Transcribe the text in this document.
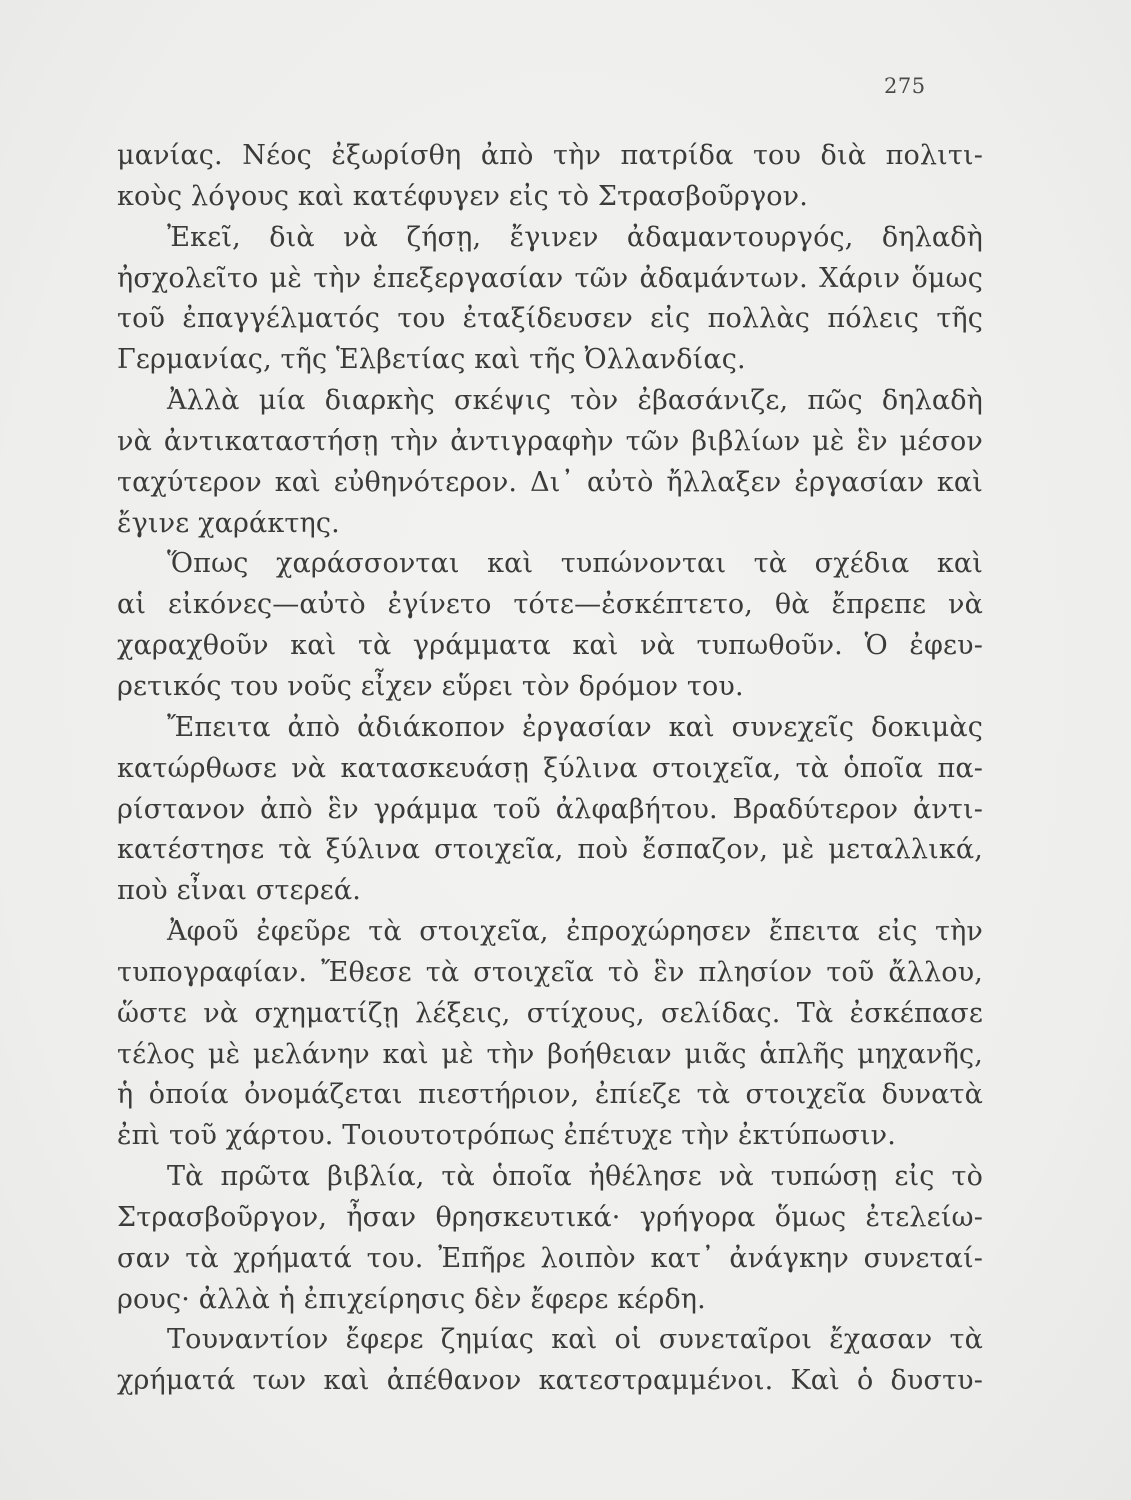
275
μανίας. Νέος ἐξωρίσθη ἀπὸ τὴν πατρίδα του διὰ πολιτι-
κοὺς λόγους καὶ κατέφυγεν εἰς τὸ Στρασβοῦργον.
Ἐκεῖ, διὰ νὰ ζήσῃ, ἔγινεν ἀδαμαντουργός, δηλαδὴ
ἠσχολεῖτο μὲ τὴν ἐπεξεργασίαν τῶν ἀδαμάντων. Χάριν ὅμως
τοῦ ἐπαγγέλματός του ἐταξίδευσεν εἰς πολλὰς πόλεις τῆς
Γερμανίας, τῆς Ἑλβετίας καὶ τῆς Ὀλλανδίας.
Ἀλλὰ μία διαρκὴς σκέψις τὸν ἐβασάνιζε, πῶς δηλαδὴ
νὰ ἀντικαταστήσῃ τὴν ἀντιγραφὴν τῶν βιβλίων μὲ ἓν μέσον
ταχύτερον καὶ εὐθηνότερον. Δι᾿ αὐτὸ ἤλλαξεν ἐργασίαν καὶ
ἔγινε χαράκτης.
Ὅπως χαράσσονται καὶ τυπώνονται τὰ σχέδια καὶ
αἱ εἰκόνες—αὐτὸ ἐγίνετο τότε—ἐσκέπτετο, θὰ ἔπρεπε νὰ
χαραχθοῦν καὶ τὰ γράμματα καὶ νὰ τυπωθοῦν. Ὁ ἐφευ-
ρετικός του νοῦς εἶχεν εὕρει τὸν δρόμον του.
Ἔπειτα ἀπὸ ἀδιάκοπον ἐργασίαν καὶ συνεχεῖς δοκιμὰς
κατώρθωσε νὰ κατασκευάσῃ ξύλινα στοιχεῖα, τὰ ὁποῖα πα-
ρίστανον ἀπὸ ἓν γράμμα τοῦ ἀλφαβήτου. Βραδύτερον ἀντι-
κατέστησε τὰ ξύλινα στοιχεῖα, ποὺ ἔσπαζον, μὲ μεταλλικά,
ποὺ εἶναι στερεά.
Ἀφοῦ ἐφεῦρε τὰ στοιχεῖα, ἐπροχώρησεν ἔπειτα εἰς τὴν
τυπογραφίαν. Ἔθεσε τὰ στοιχεῖα τὸ ἓν πλησίον τοῦ ἄλλου,
ὥστε νὰ σχηματίζῃ λέξεις, στίχους, σελίδας. Τὰ ἐσκέπασε
τέλος μὲ μελάνην καὶ μὲ τὴν βοήθειαν μιᾶς ἁπλῆς μηχανῆς,
ἡ ὁποία ὀνομάζεται πιεστήριον, ἐπίεζε τὰ στοιχεῖα δυνατὰ
ἐπὶ τοῦ χάρτου. Τοιουτοτρόπως ἐπέτυχε τὴν ἐκτύπωσιν.
Τὰ πρῶτα βιβλία, τὰ ὁποῖα ἠθέλησε νὰ τυπώσῃ εἰς τὸ
Στρασβοῦργον, ἦσαν θρησκευτικά· γρήγορα ὅμως ἐτελείω-
σαν τὰ χρήματά του. Ἐπῆρε λοιπὸν κατ᾿ ἀνάγκην συνεταί-
ρους· ἀλλὰ ἡ ἐπιχείρησις δὲν ἔφερε κέρδη.
Τουναντίον ἔφερε ζημίας καὶ οἱ συνεταῖροι ἔχασαν τὰ
χρήματά των καὶ ἀπέθανον κατεστραμμένοι. Καὶ ὁ δυστυ-
